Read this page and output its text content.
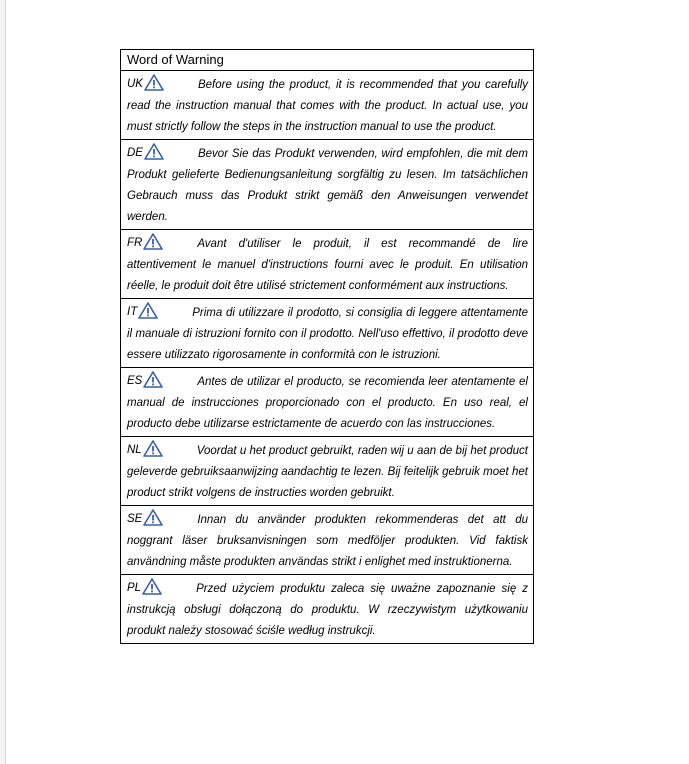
Word of Warning

UK	Before using the product, it is recommended that you carefully read the instruction manual that comes with the product. In actual use, you must strictly follow the steps in the instruction manual to use the product.

DE	Bevor Sie das Produkt verwenden, wird empfohlen, die mit dem Produkt gelieferte Bedienungsanleitung sorgfältig zu lesen. Im tatsächlichen Gebrauch muss das Produkt strikt gemäß den Anweisungen verwendet werden.

FR	Avant d'utiliser le produit, il est recommandé de lire attentivement le manuel d'instructions fourni avec le produit. En utilisation réelle, le produit doit être utilisé strictement conformément aux instructions.

IT	Prima di utilizzare il prodotto, si consiglia di leggere attentamente il manuale di istruzioni fornito con il prodotto. Nell'uso effettivo, il prodotto deve essere utilizzato rigorosamente in conformità con le istruzioni.

ES	Antes de utilizar el producto, se recomienda leer atentamente el manual de instrucciones proporcionado con el producto. En uso real, el producto debe utilizarse estrictamente de acuerdo con las instrucciones.

NL	Voordat u het product gebruikt, raden wij u aan de bij het product geleverde gebruiksaanwijzing aandachtig te lezen. Bij feitelijk gebruik moet het product strikt volgens de instructies worden gebruikt.

SE	Innan du använder produkten rekommenderas det att du noggrant läser bruksanvisningen som medföljer produkten. Vid faktisk användning måste produkten användas strikt i enlighet med instruktionerna.

PL	Przed użyciem produktu zaleca się uważne zapoznanie się z instrukcją obsługi dołączoną do produktu. W rzeczywistym użytkowaniu produkt należy stosować ściśle według instrukcji.
